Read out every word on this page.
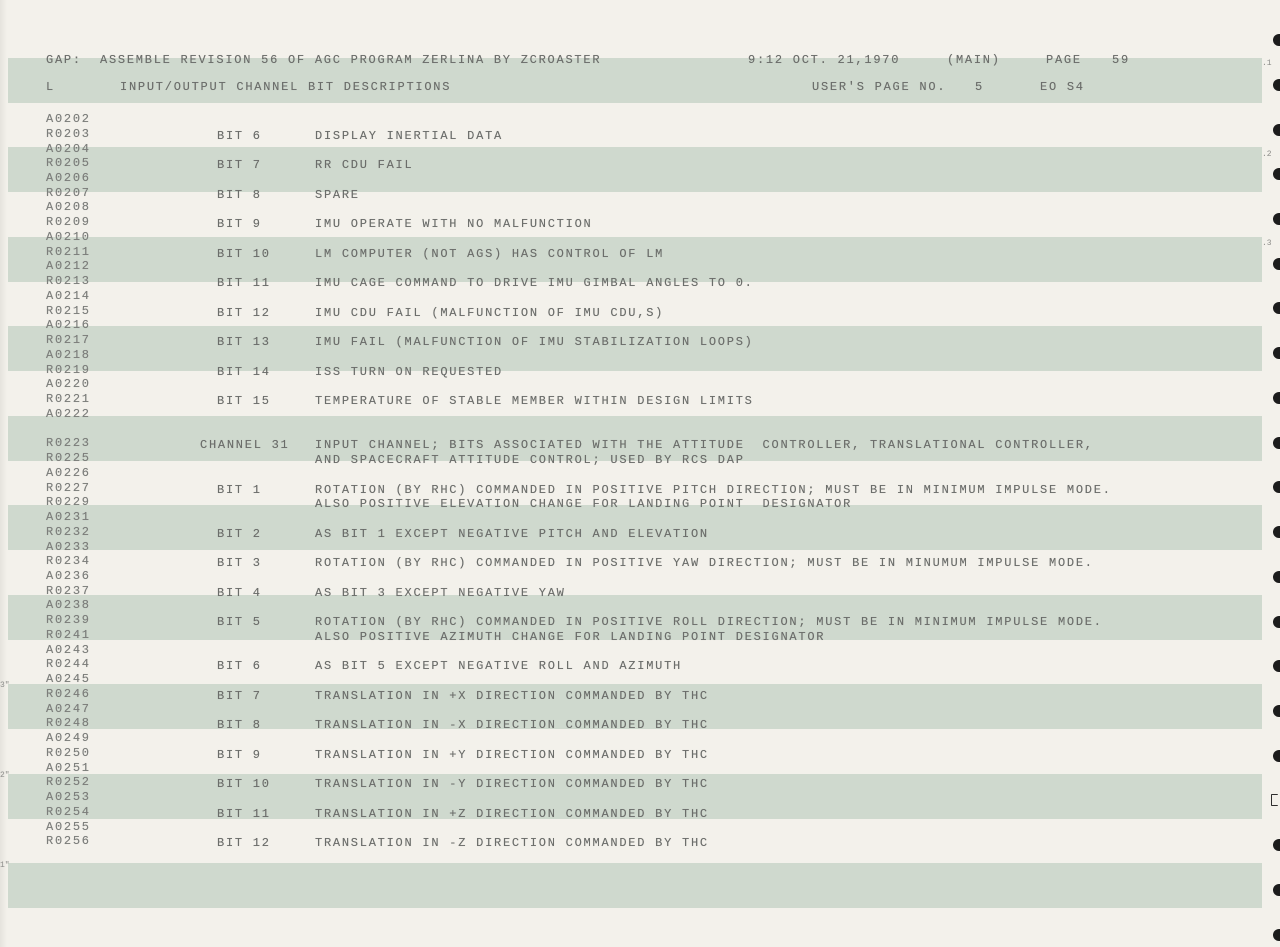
GAP: ASSEMBLE REVISION 56 OF AGC PROGRAM ZERLINA BY ZCROASTER	9:12 OCT. 21,1970	(MAIN)	PAGE	59
L	INPUT/OUTPUT CHANNEL BIT DESCRIPTIONS	USER'S PAGE NO. 5	EO S4
A0202
R0203	BIT 6	DISPLAY INERTIAL DATA
A0204
R0205	BIT 7	RR CDU FAIL
A0206
R0207	BIT 8	SPARE
A0208
R0209	BIT 9	IMU OPERATE WITH NO MALFUNCTION
A0210
R0211	BIT 10	LM COMPUTER (NOT AGS) HAS CONTROL OF LM
A0212
R0213	BIT 11	IMU CAGE COMMAND TO DRIVE IMU GIMBAL ANGLES TO 0.
A0214
R0215	BIT 12	IMU CDU FAIL (MALFUNCTION OF IMU CDU,S)
A0216
R0217	BIT 13	IMU FAIL (MALFUNCTION OF IMU STABILIZATION LOOPS)
A0218
R0219	BIT 14	ISS TURN ON REQUESTED
A0220
R0221	BIT 15	TEMPERATURE OF STABLE MEMBER WITHIN DESIGN LIMITS
A0222
R0223	CHANNEL 31 INPUT CHANNEL; BITS ASSOCIATED WITH THE ATTITUDE  CONTROLLER, TRANSLATIONAL CONTROLLER,
R0225	AND SPACECRAFT ATTITUDE CONTROL; USED BY RCS DAP
A0226
R0227	BIT 1	ROTATION (BY RHC) COMMANDED IN POSITIVE PITCH DIRECTION; MUST BE IN MINIMUM IMPULSE MODE.
R0229	ALSO POSITIVE ELEVATION CHANGE FOR LANDING POINT  DESIGNATOR
A0231
R0232	BIT 2	AS BIT 1 EXCEPT NEGATIVE PITCH AND ELEVATION
A0233
R0234	BIT 3	ROTATION (BY RHC) COMMANDED IN POSITIVE YAW DIRECTION; MUST BE IN MINUMUM IMPULSE MODE.
A0236
R0237	BIT 4	AS BIT 3 EXCEPT NEGATIVE YAW
A0238
R0239	BIT 5	ROTATION (BY RHC) COMMANDED IN POSITIVE ROLL DIRECTION; MUST BE IN MINIMUM IMPULSE MODE.
R0241	ALSO POSITIVE AZIMUTH CHANGE FOR LANDING POINT DESIGNATOR
A0243
R0244	BIT 6	AS BIT 5 EXCEPT NEGATIVE ROLL AND AZIMUTH
A0245
R0246	BIT 7	TRANSLATION IN +X DIRECTION COMMANDED BY THC
A0247
R0248	BIT 8	TRANSLATION IN -X DIRECTION COMMANDED BY THC
A0249
R0250	BIT 9	TRANSLATION IN +Y DIRECTION COMMANDED BY THC
A0251
R0252	BIT 10	TRANSLATION IN -Y DIRECTION COMMANDED BY THC
A0253
R0254	BIT 11	TRANSLATION IN +Z DIRECTION COMMANDED BY THC
A0255
R0256	BIT 12	TRANSLATION IN -Z DIRECTION COMMANDED BY THC
.1
.2
.3
3"
2"
1"
